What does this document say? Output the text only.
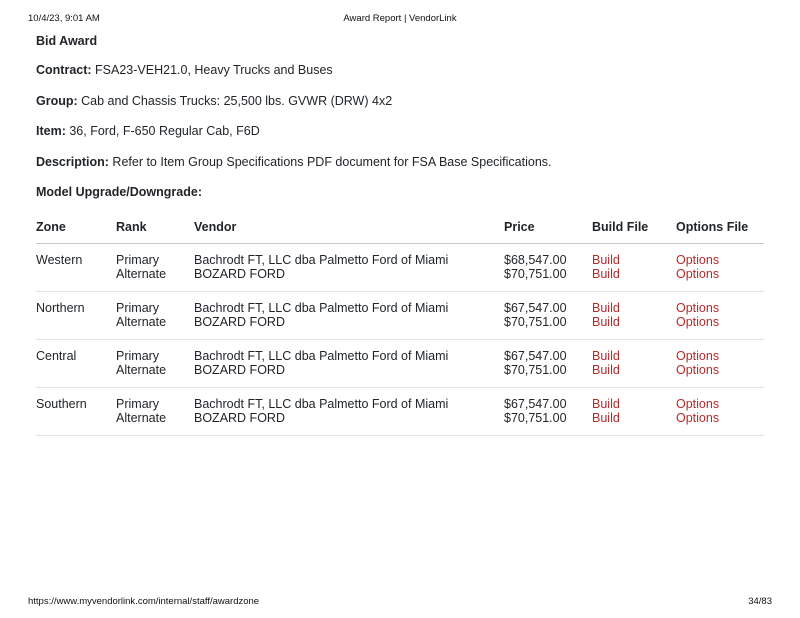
10/4/23, 9:01 AM	Award Report | VendorLink
Bid Award

Contract: FSA23-VEH21.0, Heavy Trucks and Buses

Group: Cab and Chassis Trucks: 25,500 lbs. GVWR (DRW) 4x2

Item: 36, Ford, F-650 Regular Cab, F6D

Description: Refer to Item Group Specifications PDF document for FSA Base Specifications.

Model Upgrade/Downgrade:

Zone	Rank	Vendor	Price	Build File	Options File
Western	Primary	Bachrodt FT, LLC dba Palmetto Ford of Miami	$68,547.00	Build	Options
	Alternate	BOZARD FORD	$70,751.00	Build	Options
Northern	Primary	Bachrodt FT, LLC dba Palmetto Ford of Miami	$67,547.00	Build	Options
	Alternate	BOZARD FORD	$70,751.00	Build	Options
Central	Primary	Bachrodt FT, LLC dba Palmetto Ford of Miami	$67,547.00	Build	Options
	Alternate	BOZARD FORD	$70,751.00	Build	Options
Southern	Primary	Bachrodt FT, LLC dba Palmetto Ford of Miami	$67,547.00	Build	Options
	Alternate	BOZARD FORD	$70,751.00	Build	Options
https://www.myvendorlink.com/internal/staff/awardzone	34/83
